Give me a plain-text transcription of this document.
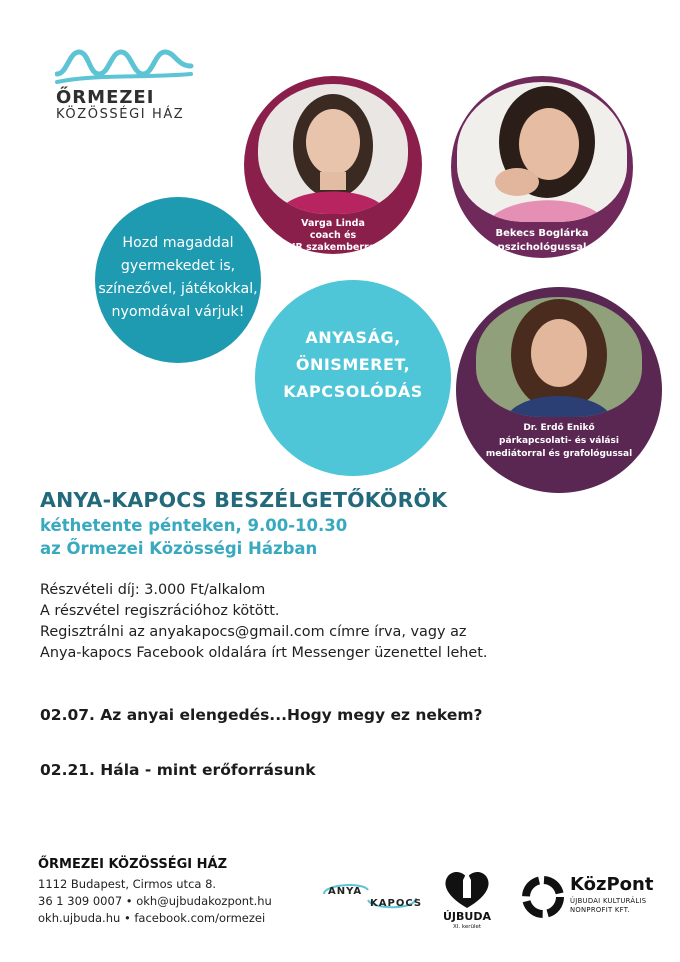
ŐRMEZEI
KÖZÖSSÉGI HÁZ
Hozd magaddal
gyermekedet is,
színezővel, játékokkal,
nyomdával várjuk!
ANYASÁG,
ÖNISMERET,
KAPCSOLÓDÁS
Varga Linda
coach és
HR szakemberrel
Bekecs Boglárka
pszichológussal
Dr. Erdő Enikő
párkapcsolati- és válási
mediátorral és grafológussal
ANYA-KAPOCS BESZÉLGETŐKÖRÖK
kéthetente pénteken, 9.00-10.30
az Őrmezei Közösségi Házban
Részvételi díj: 3.000 Ft/alkalom
A részvétel regiszrációhoz kötött.
Regisztrálni az anyakapocs@gmail.com címre írva, vagy az
Anya-kapocs Facebook oldalára írt Messenger üzenettel lehet.
02.07. Az anyai elengedés...Hogy megy ez nekem?
02.21. Hála - mint erőforrásunk
ŐRMEZEI KÖZÖSSÉGI HÁZ
1112 Budapest, Cirmos utca 8.
36 1 309 0007 • okh@ujbudakozpont.hu
okh.ujbuda.hu • facebook.com/ormezei
ANYA
KAPOCS
ÚJBUDA
XI. kerület
KözPont
ÚJBUDAI KULTURÁLIS
NONPROFIT KFT.
